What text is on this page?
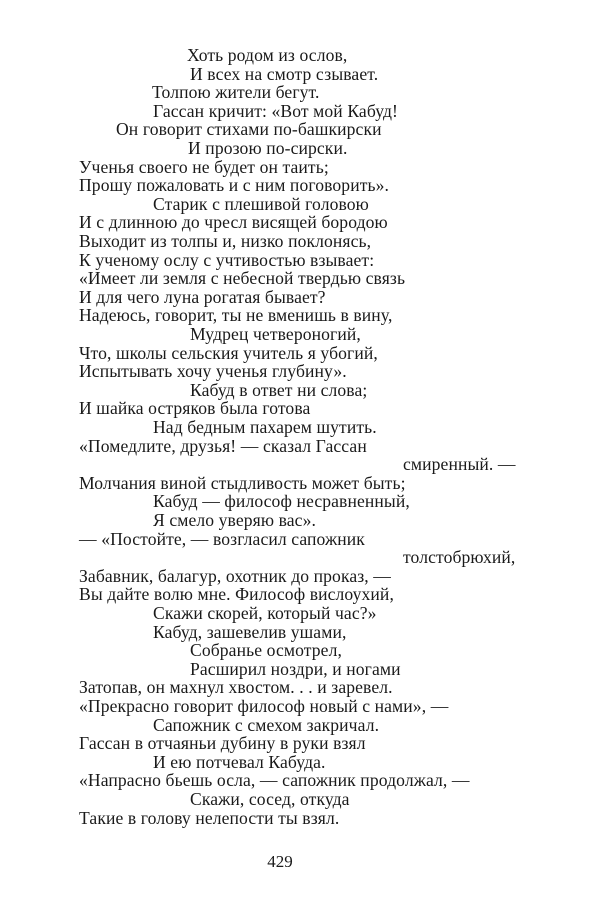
Хоть родом из ослов,
И всех на смотр сзывает.
Толпою жители бегут.
Гассан кричит: «Вот мой Кабуд!
Он говорит стихами по-башкирски
И прозою по-сирски.
Ученья своего не будет он таить;
Прошу пожаловать и с ним поговорить».
Старик с плешивой головою
И с длинною до чресл висящей бородою
Выходит из толпы и, низко поклонясь,
К ученому ослу с учтивостью взывает:
«Имеет ли земля с небесной твердью связь
И для чего луна рогатая бывает?
Надеюсь, говорит, ты не вменишь в вину,
Мудрец четвероногий,
Что, школы сельския учитель я убогий,
Испытывать хочу ученья глубину».
Кабуд в ответ ни слова;
И шайка остряков была готова
Над бедным пахарем шутить.
«Помедлите, друзья! — сказал Гассан
смиренный. —
Молчания виной стыдливость может быть;
Кабуд — философ несравненный,
Я смело уверяю вас».
— «Постойте, — возгласил сапожник
толстобрюхий,
Забавник, балагур, охотник до проказ, —
Вы дайте волю мне. Философ вислоухий,
Скажи скорей, который час?»
Кабуд, зашевелив ушами,
Собранье осмотрел,
Расширил ноздри, и ногами
Затопав, он махнул хвостом. . . и заревел.
«Прекрасно говорит философ новый с нами», —
Сапожник с смехом закричал.
Гассан в отчаяньи дубину в руки взял
И ею потчевал Кабуда.
«Напрасно бьешь осла, — сапожник продолжал, —
Скажи, сосед, откуда
Такие в голову нелепости ты взял.
429
